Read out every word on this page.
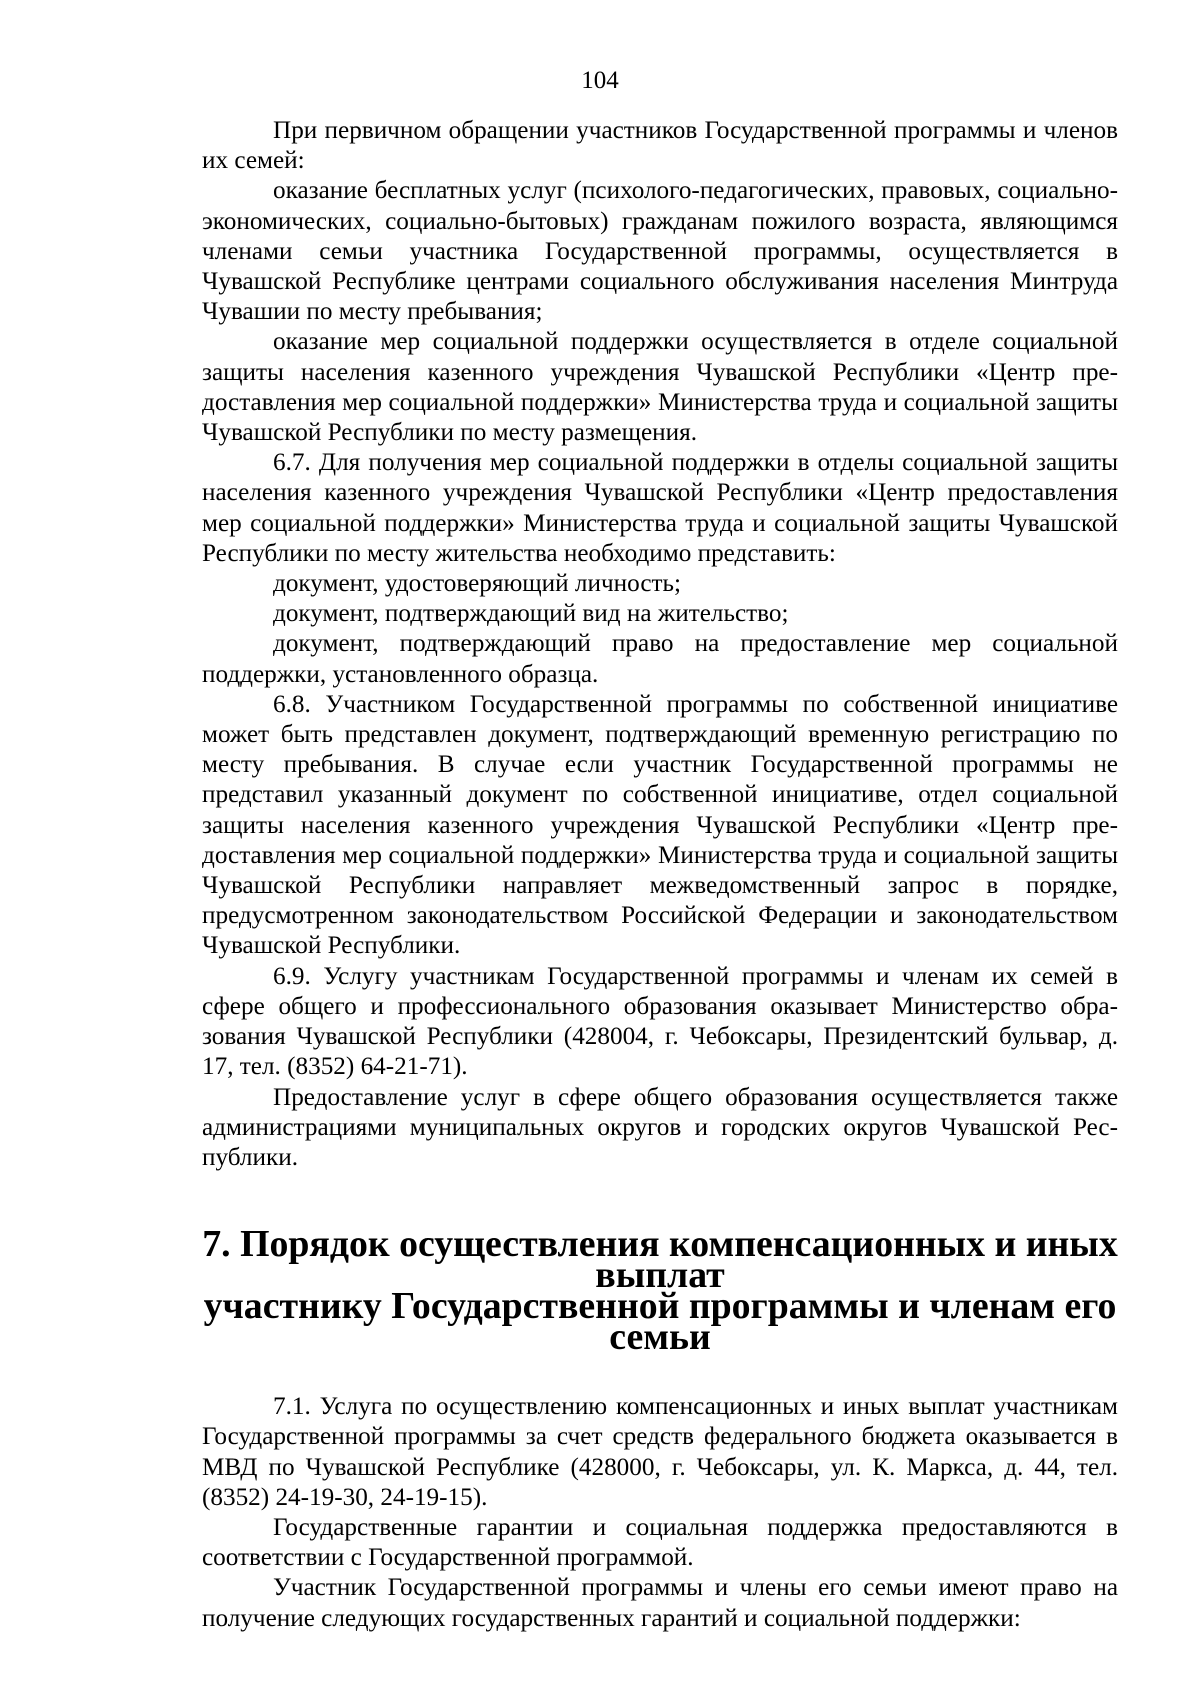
104

При первичном обращении участников Государственной программы и членов их семей:

оказание бесплатных услуг (психолого-педагогических, правовых, социально-экономических, социально-бытовых) гражданам пожилого возраста, являющимся членами семьи участника Государственной программы, осуществляется в Чувашской Республике центрами социального обслуживания населения Минтруда Чувашии по месту пребывания;

оказание мер социальной поддержки осуществляется в отделе социальной защиты населения казенного учреждения Чувашской Республики «Центр предоставления мер социальной поддержки» Министерства труда и социальной защиты Чувашской Республики по месту размещения.

6.7. Для получения мер социальной поддержки в отделы социальной защиты населения казенного учреждения Чувашской Республики «Центр предоставления мер социальной поддержки» Министерства труда и социальной защиты Чувашской Республики по месту жительства необходимо представить:

документ, удостоверяющий личность;

документ, подтверждающий вид на жительство;

документ, подтверждающий право на предоставление мер социальной поддержки, установленного образца.

6.8. Участником Государственной программы по собственной инициативе может быть представлен документ, подтверждающий временную регистрацию по месту пребывания. В случае если участник Государственной программы не представил указанный документ по собственной инициативе, отдел социальной защиты населения казенного учреждения Чувашской Республики «Центр предоставления мер социальной поддержки» Министерства труда и социальной защиты Чувашской Республики направляет межведомственный запрос в порядке, предусмотренном законодательством Российской Федерации и законодательством Чувашской Республики.

6.9. Услугу участникам Государственной программы и членам их семей в сфере общего и профессионального образования оказывает Министерство образования Чувашской Республики (428004, г. Чебоксары, Президентский бульвар, д. 17, тел. (8352) 64-21-71).

Предоставление услуг в сфере общего образования осуществляется также администрациями муниципальных округов и городских округов Чувашской Республики.

7. Порядок осуществления компенсационных и иных выплат
участнику Государственной программы и членам его семьи

7.1. Услуга по осуществлению компенсационных и иных выплат участникам Государственной программы за счет средств федерального бюджета оказывается в МВД по Чувашской Республике (428000, г. Чебоксары, ул. К. Маркса, д. 44, тел. (8352) 24-19-30, 24-19-15).

Государственные гарантии и социальная поддержка предоставляются в соответствии с Государственной программой.

Участник Государственной программы и члены его семьи имеют право на получение следующих государственных гарантий и социальной поддержки:
